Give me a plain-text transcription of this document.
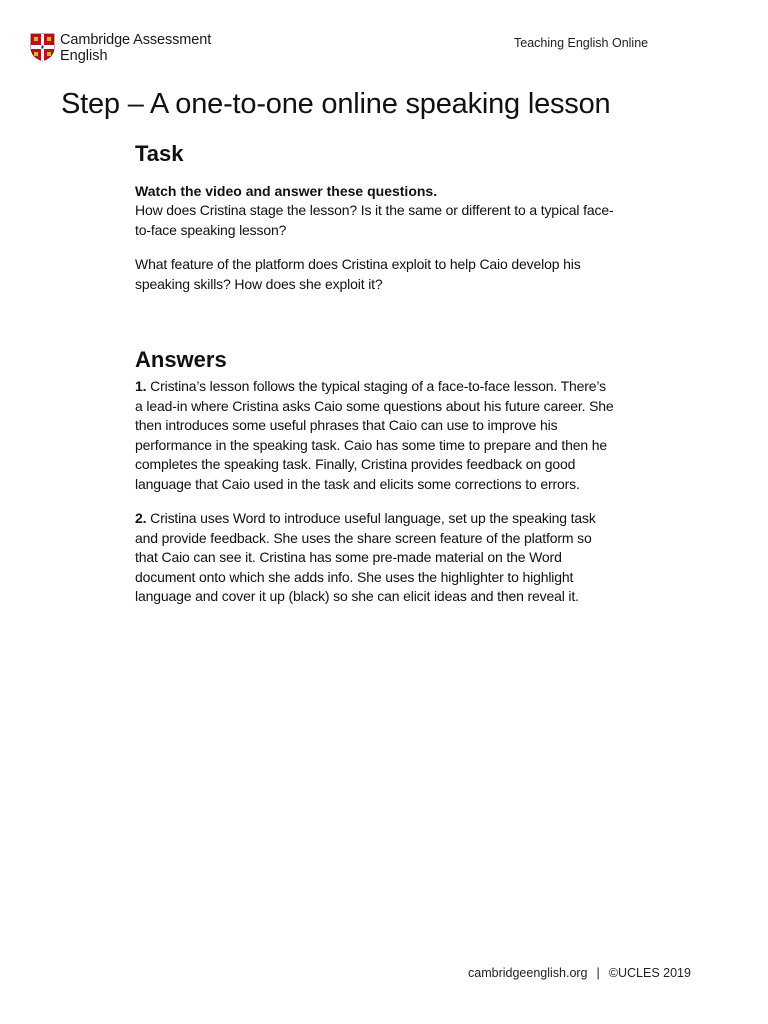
Cambridge Assessment
English
Teaching English Online
Step – A one-to-one online speaking lesson
Task

Watch the video and answer these questions.

How does Cristina stage the lesson? Is it the same or different to a typical face-to-face speaking lesson?

What feature of the platform does Cristina exploit to help Caio develop his speaking skills? How does she exploit it?

Answers

1. Cristina’s lesson follows the typical staging of a face-to-face lesson. There’s a lead-in where Cristina asks Caio some questions about his future career. She then introduces some useful phrases that Caio can use to improve his performance in the speaking task. Caio has some time to prepare and then he completes the speaking task. Finally, Cristina provides feedback on good language that Caio used in the task and elicits some corrections to errors.

2. Cristina uses Word to introduce useful language, set up the speaking task and provide feedback. She uses the share screen feature of the platform so that Caio can see it. Cristina has some pre-made material on the Word document onto which she adds info. She uses the highlighter to highlight language and cover it up (black) so she can elicit ideas and then reveal it.

cambridgeenglish.org | ©UCLES 2019
